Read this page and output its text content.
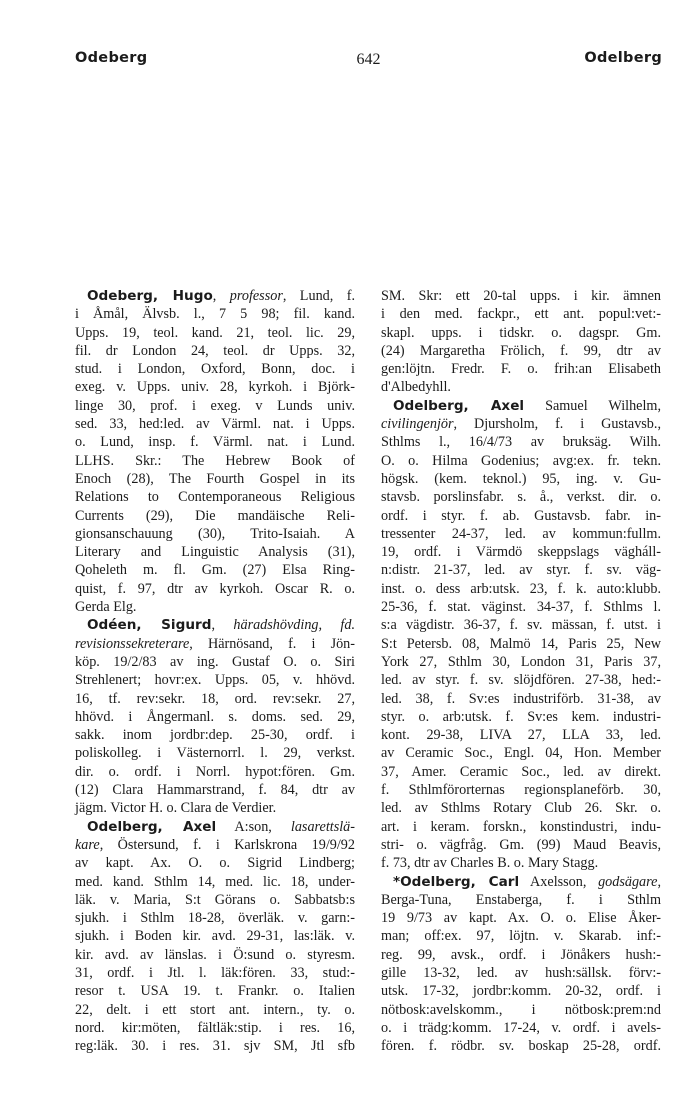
Odeberg	642	Odelberg
Odeberg, Hugo, professor, Lund, f.
i Åmål, Älvsb. l., 7 5 98; fil. kand.
Upps. 19, teol. kand. 21, teol. lic. 29,
fil. dr London 24, teol. dr Upps. 32,
stud. i London, Oxford, Bonn, doc. i
exeg. v. Upps. univ. 28, kyrkoh. i Björk-
linge 30, prof. i exeg. v Lunds univ.
sed. 33, hed:led. av Värml. nat. i Upps.
o. Lund, insp. f. Värml. nat. i Lund.
LLHS. Skr.: The Hebrew Book of
Enoch (28), The Fourth Gospel in its
Relations to Contemporaneous Religious
Currents (29), Die mandäische Reli-
gionsanschauung (30), Trito-Isaiah. A
Literary and Linguistic Analysis (31),
Qoheleth m. fl. Gm. (27) Elsa Ring-
quist, f. 97, dtr av kyrkoh. Oscar R. o.
Gerda Elg.
Odéen, Sigurd, häradshövding, fd.
revisionssekreterare, Härnösand, f. i Jön-
köp. 19/2/83 av ing. Gustaf O. o. Siri
Strehlenert; hovr:ex. Upps. 05, v. hhövd.
16, tf. rev:sekr. 18, ord. rev:sekr. 27,
hhövd. i Ångermanl. s. doms. sed. 29,
sakk. inom jordbr:dep. 25-30, ordf. i
poliskolleg. i Västernorrl. l. 29, verkst.
dir. o. ordf. i Norrl. hypot:fören. Gm.
(12) Clara Hammarstrand, f. 84, dtr av
jägm. Victor H. o. Clara de Verdier.
Odelberg, Axel A:son, lasarettslä-
kare, Östersund, f. i Karlskrona 19/9/92
av kapt. Ax. O. o. Sigrid Lindberg;
med. kand. Sthlm 14, med. lic. 18, under-
läk. v. Maria, S:t Görans o. Sabbatsb:s
sjukh. i Sthlm 18-28, överläk. v. garn:-
sjukh. i Boden kir. avd. 29-31, las:läk. v.
kir. avd. av länslas. i Ö:sund o. styresm.
31, ordf. i Jtl. l. läk:fören. 33, stud:-
resor t. USA 19. t. Frankr. o. Italien
22, delt. i ett stort ant. intern., ty. o.
nord. kir:möten, fältläk:stip. i res. 16,
reg:läk. 30. i res. 31. sjv SM, Jtl sfb
SM. Skr: ett 20-tal upps. i kir. ämnen
i den med. fackpr., ett ant. popul:vet:-
skapl. upps. i tidskr. o. dagspr. Gm.
(24) Margaretha Frölich, f. 99, dtr av
gen:löjtn. Fredr. F. o. frih:an Elisabeth
d'Albedyhll.
Odelberg, Axel Samuel Wilhelm,
civilingenjör, Djursholm, f. i Gustavsb.,
Sthlms l., 16/4/73 av bruksäg. Wilh.
O. o. Hilma Godenius; avg:ex. fr. tekn.
högsk. (kem. teknol.) 95, ing. v. Gu-
stavsb. porslinsfabr. s. å., verkst. dir. o.
ordf. i styr. f. ab. Gustavsb. fabr. in-
tressenter 24-37, led. av kommun:fullm.
19, ordf. i Värmdö skeppslags vägháll-
n:distr. 21-37, led. av styr. f. sv. väg-
inst. o. dess arb:utsk. 23, f. k. auto:klubb.
25-36, f. stat. väginst. 34-37, f. Sthlms l.
s:a vägdistr. 36-37, f. sv. mässan, f. utst. i
S:t Petersb. 08, Malmö 14, Paris 25, New
York 27, Sthlm 30, London 31, Paris 37,
led. av styr. f. sv. slöjdfören. 27-38, hed:-
led. 38, f. Sv:es industriförb. 31-38, av
styr. o. arb:utsk. f. Sv:es kem. industri-
kont. 29-38, LIVA 27, LLA 33, led.
av Ceramic Soc., Engl. 04, Hon. Member
37, Amer. Ceramic Soc., led. av direkt.
f. Sthlmförorternas regionsplaneförb. 30,
led. av Sthlms Rotary Club 26. Skr. o.
art. i keram. forskn., konstindustri, indu-
stri- o. vägfråg. Gm. (99) Maud Beavis,
f. 73, dtr av Charles B. o. Mary Stagg.
*Odelberg, Carl Axelsson, godsägare,
Berga-Tuna, Enstaberga, f. i Sthlm
19 9/73 av kapt. Ax. O. o. Elise Åker-
man; off:ex. 97, löjtn. v. Skarab. inf:-
reg. 99, avsk., ordf. i Jönåkers hush:-
gille 13-32, led. av hush:sällsk. förv:-
utsk. 17-32, jordbr:komm. 20-32, ordf. i
nötbosk:avelskomm., i nötbosk:prem:nd
o. i trädg:komm. 17-24, v. ordf. i avels-
fören. f. rödbr. sv. boskap 25-28, ordf.
